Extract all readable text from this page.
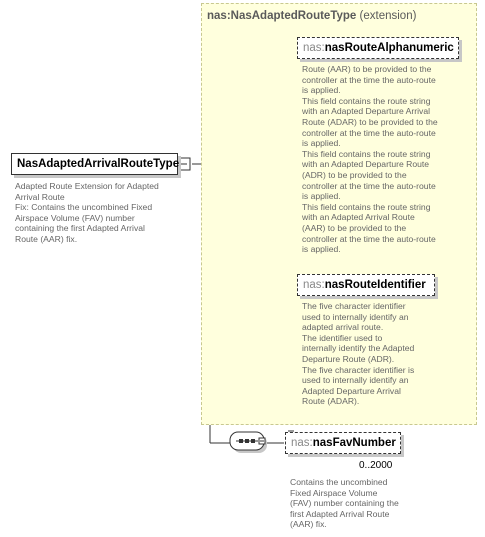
nas:NasAdaptedRouteType (extension)
NasAdaptedArrivalRouteType
Adapted Route Extension for Adapted
Arrival Route
Fix: Contains the uncombined Fixed
Airspace Volume (FAV) number
containing the first Adapted Arrival
Route (AAR) fix.
nas:nasRouteAlphanumeric
Route (AAR) to be provided to the
controller at the time the auto-route
is applied.
This field contains the route string
with an Adapted Departure Arrival
Route (ADAR) to be provided to the
controller at the time the auto-route
is applied.
This field contains the route string
with an Adapted Departure Route
(ADR) to be provided to the
controller at the time the auto-route
is applied.
This field contains the route string
with an Adapted Arrival Route
(AAR) to be provided to the
controller at the time the auto-route
is applied.
nas:nasRouteIdentifier
The five character identifier
used to internally identify an
adapted arrival route.
The identifier used to
internally identify the Adapted
Departure Route (ADR).
The five character identifier is
used to internally identify an
Adapted Departure Arrival
Route (ADAR).
nas:nasFavNumber
0..2000
Contains the uncombined
Fixed Airspace Volume
(FAV) number containing the
first Adapted Arrival Route
(AAR) fix.
